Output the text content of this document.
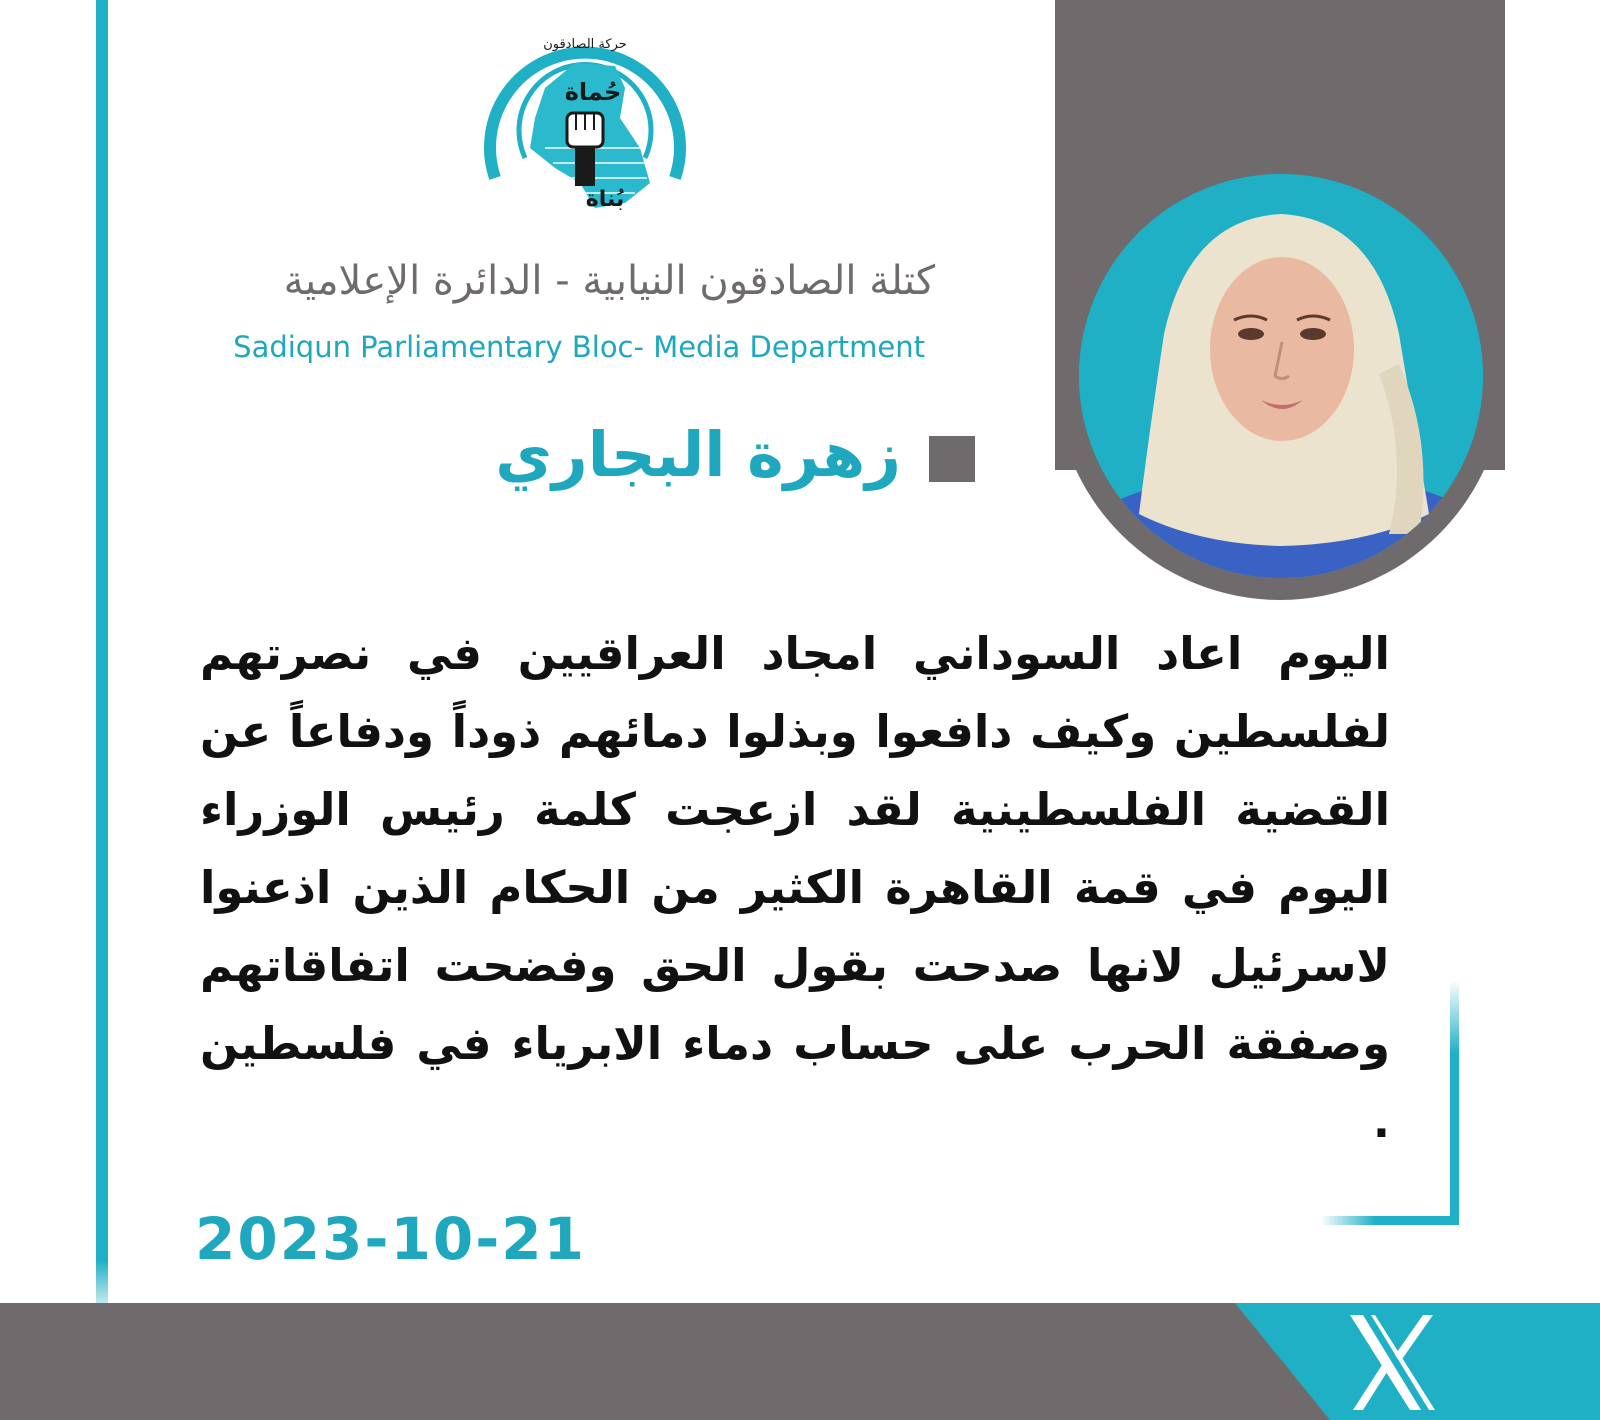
حُماة
بُناة
حركة الصادقون
كتلة الصادقون النيابية - الدائرة الإعلامية
Sadiqun Parliamentary Bloc- Media Department
زهرة البجاري
اليوم اعاد السوداني امجاد العراقيين في نصرتهم لفلسطين وكيف دافعوا وبذلوا دمائهم ذوداً ودفاعاً عن القضية الفلسطينية لقد ازعجت كلمة رئيس الوزراء اليوم في قمة القاهرة الكثير من الحكام الذين اذعنوا لاسرئيل لانها صدحت بقول الحق وفضحت اتفاقاتهم وصفقة الحرب على حساب دماء الابرياء في فلسطين .
2023-10-21
